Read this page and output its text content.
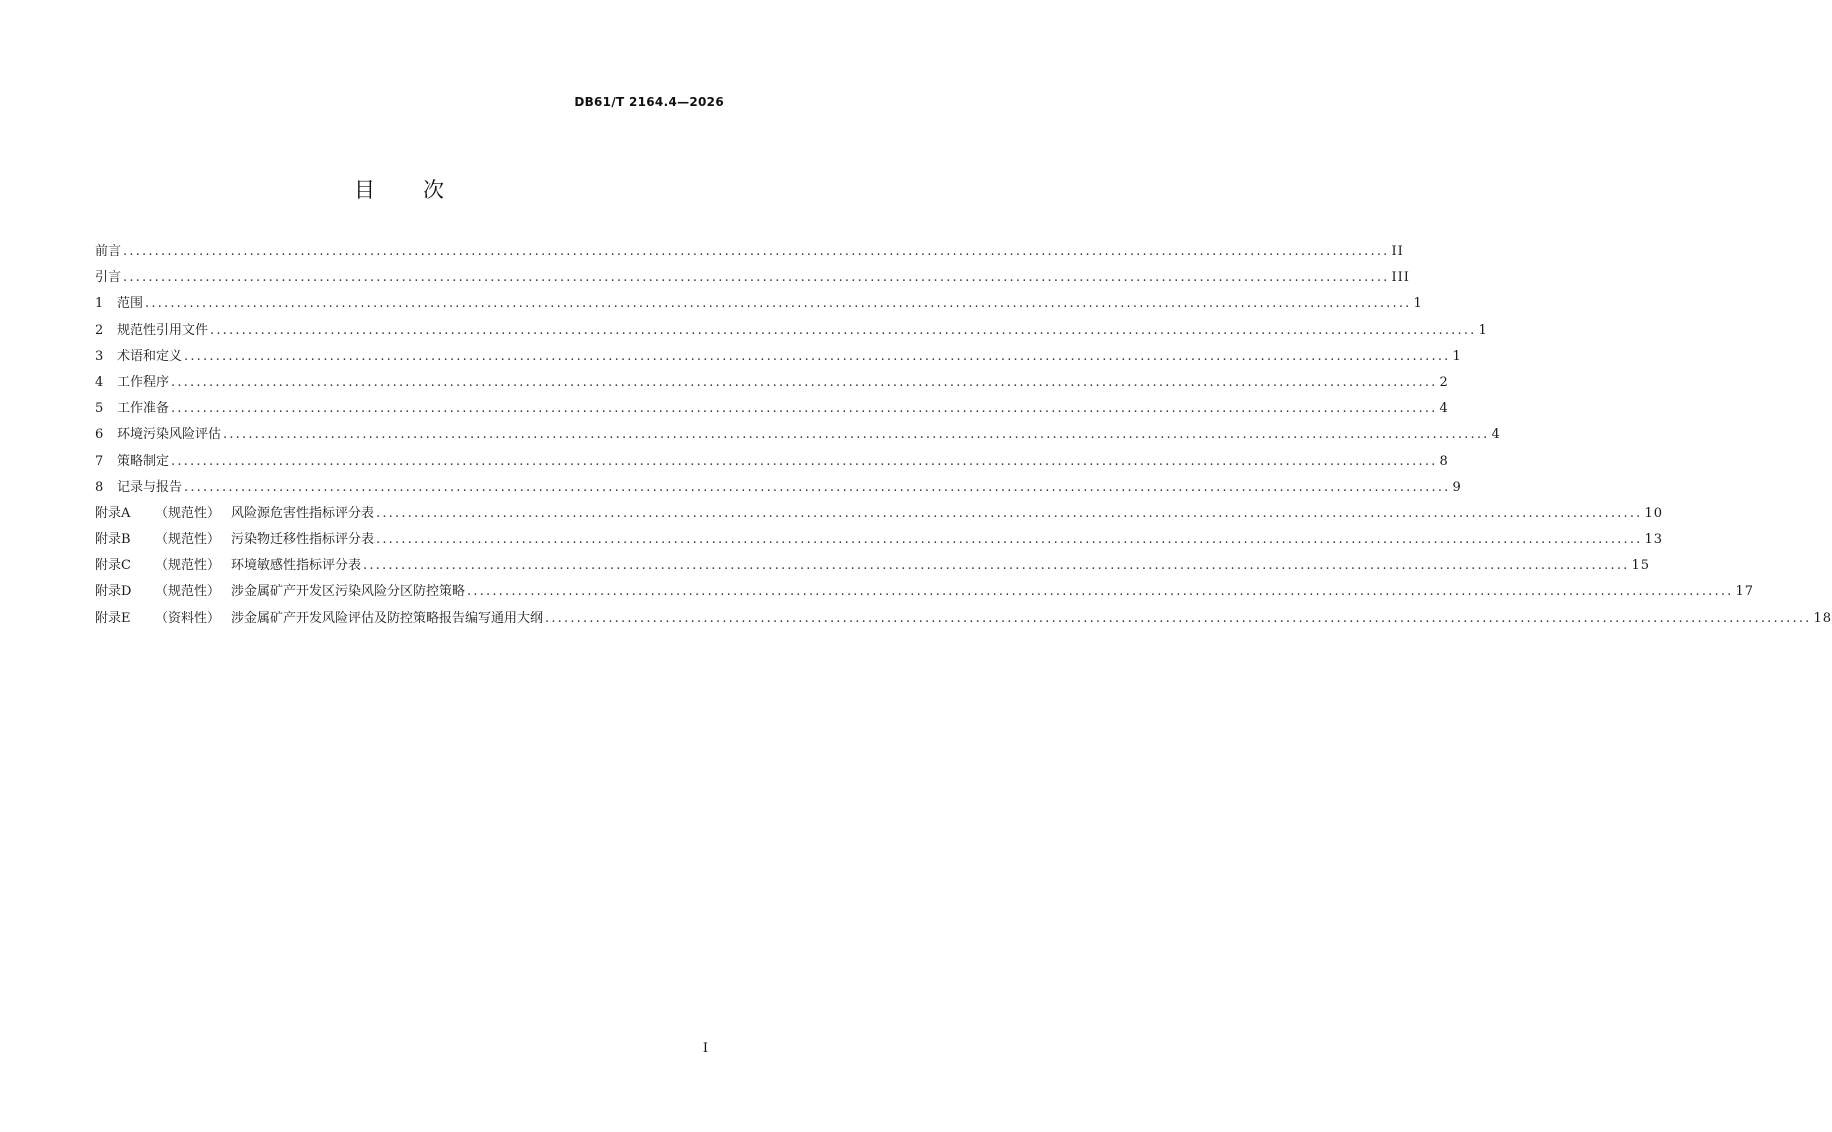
DB61/T 2164.4—2026
目 次
前言 ........................................................................................................................................................................................................ II
引言 ........................................................................................................................................................................................................ III
1	范围 ........................................................................................................................................................................................................ 1
2	规范性引用文件 ........................................................................................................................................................................................................ 1
3	术语和定义 ........................................................................................................................................................................................................ 1
4	工作程序 ........................................................................................................................................................................................................ 2
5	工作准备 ........................................................................................................................................................................................................ 4
6	环境污染风险评估 ........................................................................................................................................................................................................ 4
7	策略制定 ........................................................................................................................................................................................................ 8
8	记录与报告 ........................................................................................................................................................................................................ 9
附录A	（规范性） 风险源危害性指标评分表 ........................................................................................................................................................................................................ 10
附录B	（规范性） 污染物迁移性指标评分表 ........................................................................................................................................................................................................ 13
附录C	（规范性） 环境敏感性指标评分表 ........................................................................................................................................................................................................ 15
附录D	（规范性） 涉金属矿产开发区污染风险分区防控策略 ........................................................................................................................................................................................................ 17
附录E	（资料性） 涉金属矿产开发风险评估及防控策略报告编写通用大纲 ........................................................................................................................................................................................................ 18
I
